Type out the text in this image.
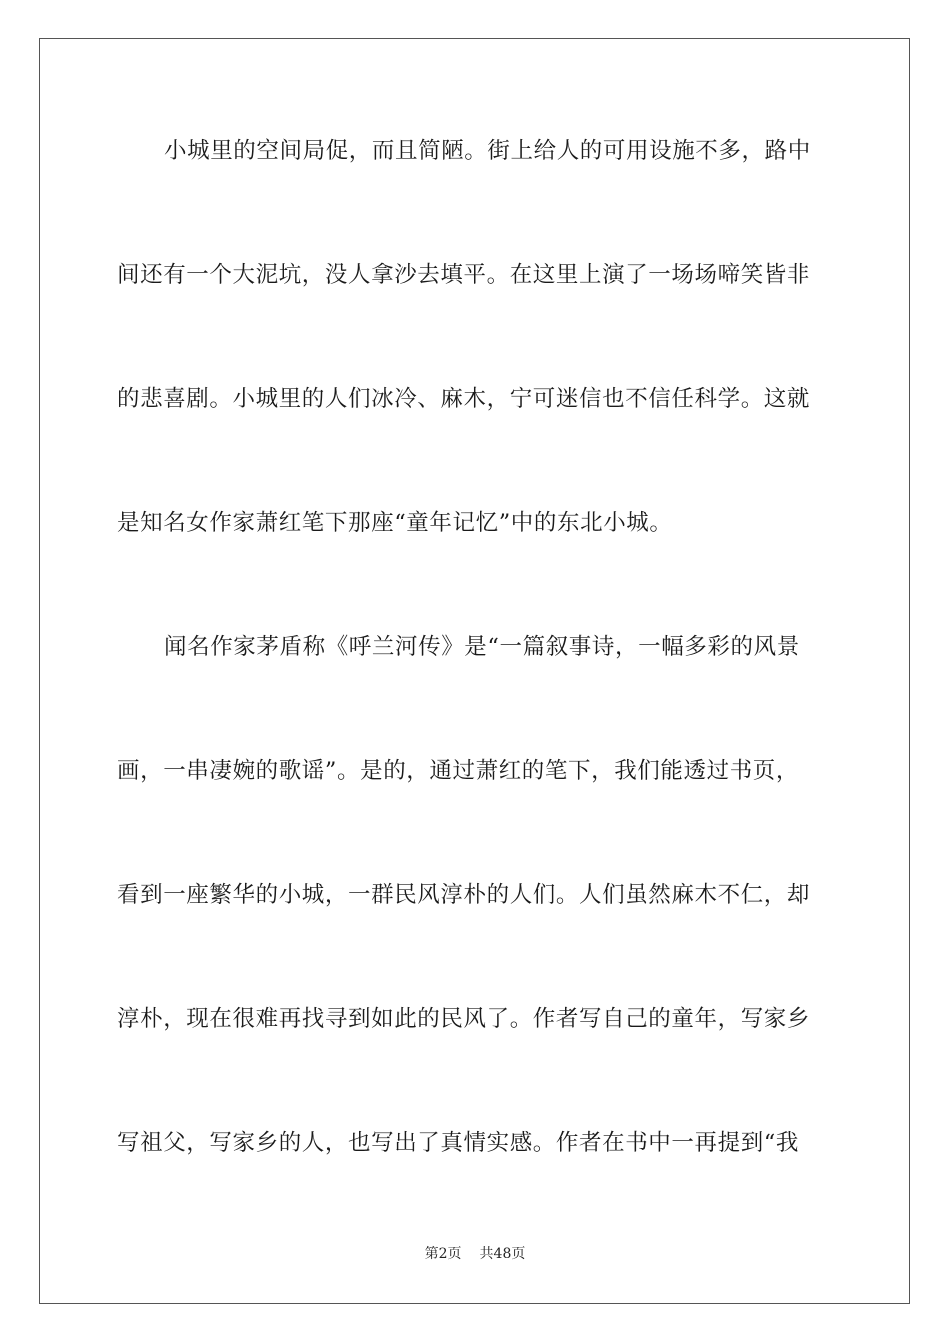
小城里的空间局促，而且简陋。街上给人的可用设施不多，路中

间还有一个大泥坑，没人拿沙去填平。在这里上演了一场场啼笑皆非

的悲喜剧。小城里的人们冰冷、麻木，宁可迷信也不信任科学。这就

是知名女作家萧红笔下那座“童年记忆”中的东北小城。

闻名作家茅盾称《呼兰河传》是“一篇叙事诗，一幅多彩的风景

画，一串凄婉的歌谣”。是的，通过萧红的笔下，我们能透过书页，

看到一座繁华的小城，一群民风淳朴的人们。人们虽然麻木不仁，却

淳朴，现在很难再找寻到如此的民风了。作者写自己的童年，写家乡

写祖父，写家乡的人，也写出了真情实感。作者在书中一再提到“我

第2页 共48页
